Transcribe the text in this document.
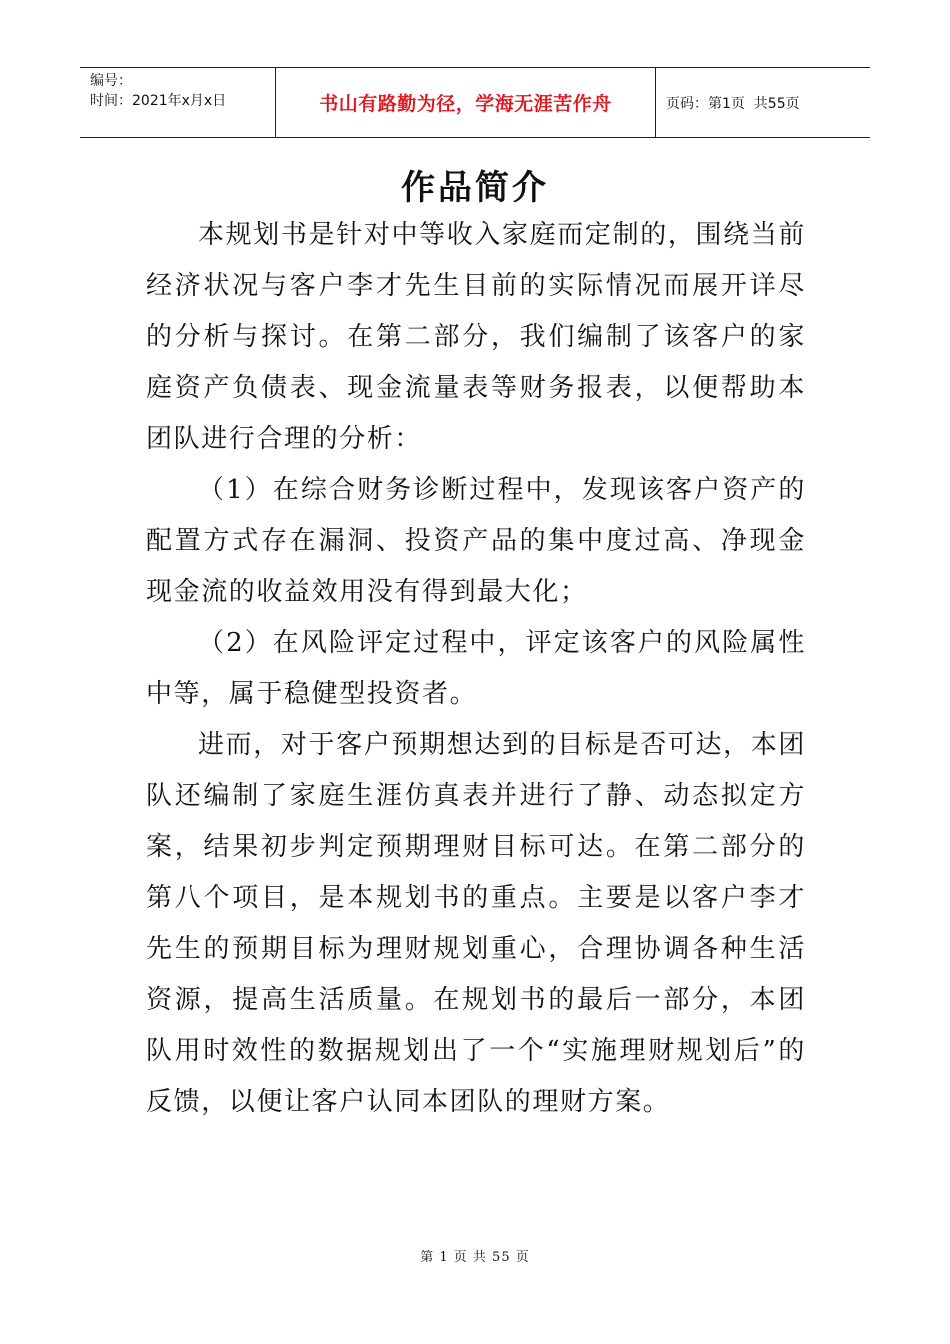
编号：
时间：2021年x月x日	书山有路勤为径，学海无涯苦作舟	页码：第1页  共55页
作品简介

本规划书是针对中等收入家庭而定制的，围绕当前经济状况与客户李才先生目前的实际情况而展开详尽的分析与探讨。在第二部分，我们编制了该客户的家庭资产负债表、现金流量表等财务报表，以便帮助本团队进行合理的分析：

（1）在综合财务诊断过程中，发现该客户资产的配置方式存在漏洞、投资产品的集中度过高、净现金现金流的收益效用没有得到最大化；

（2）在风险评定过程中，评定该客户的风险属性中等，属于稳健型投资者。

进而，对于客户预期想达到的目标是否可达，本团队还编制了家庭生涯仿真表并进行了静、动态拟定方案，结果初步判定预期理财目标可达。在第二部分的第八个项目，是本规划书的重点。主要是以客户李才先生的预期目标为理财规划重心，合理协调各种生活资源，提高生活质量。在规划书的最后一部分，本团队用时效性的数据规划出了一个“实施理财规划后”的反馈，以便让客户认同本团队的理财方案。

第 1 页 共 55 页
